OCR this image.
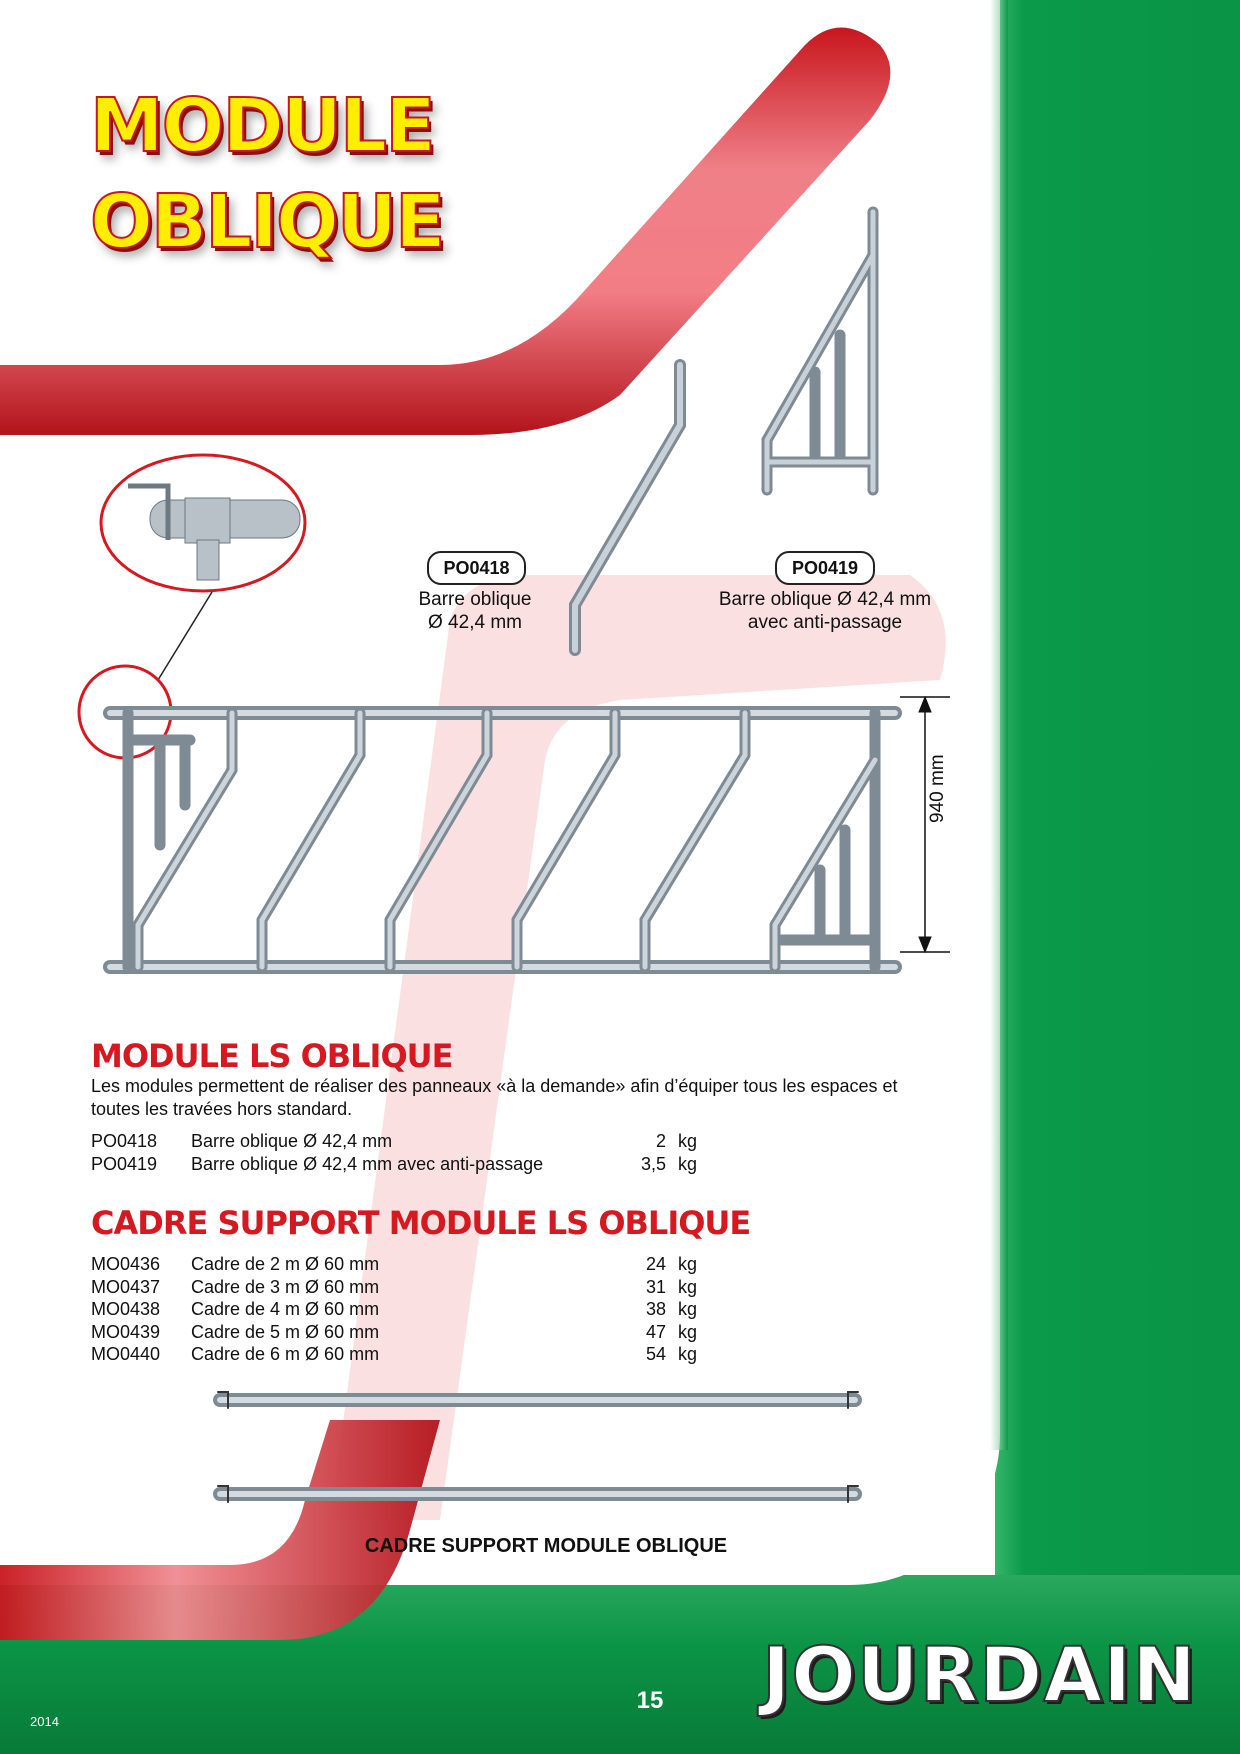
MODULE
OBLIQUE
PO0418
Barre oblique
Ø 42,4 mm
PO0419
Barre oblique Ø 42,4 mm
avec anti-passage
940 mm
MODULE LS OBLIQUE
Les modules permettent de réaliser des panneaux «à la demande» afin d’équiper tous les espaces et toutes les travées hors standard.
PO0418	Barre oblique Ø 42,4 mm	2	kg
PO0419	Barre oblique Ø 42,4 mm avec anti-passage	3,5	kg
CADRE SUPPORT MODULE LS OBLIQUE
MO0436	Cadre de 2 m Ø 60 mm	24	kg
MO0437	Cadre de 3 m Ø 60 mm	31	kg
MO0438	Cadre de 4 m Ø 60 mm	38	kg
MO0439	Cadre de 5 m Ø 60 mm	47	kg
MO0440	Cadre de 6 m Ø 60 mm	54	kg
CADRE SUPPORT MODULE OBLIQUE
JOURDAIN
15
2014
